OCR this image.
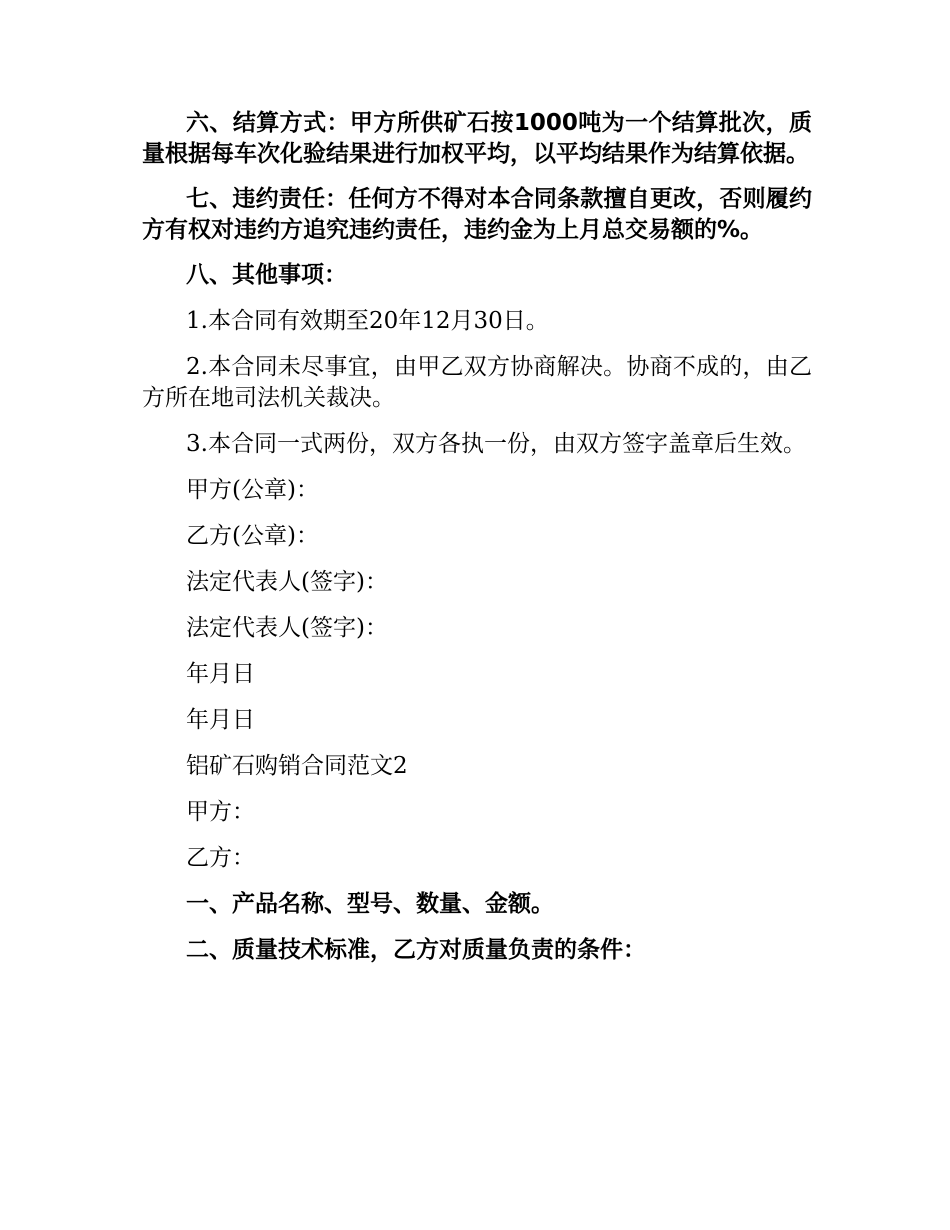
六、结算方式：甲方所供矿石按1000吨为一个结算批次，质量根据每车次化验结果进行加权平均，以平均结果作为结算依据。

七、违约责任：任何方不得对本合同条款擅自更改，否则履约方有权对违约方追究违约责任，违约金为上月总交易额的%。

八、其他事项：

1.本合同有效期至20年12月30日。

2.本合同未尽事宜，由甲乙双方协商解决。协商不成的，由乙方所在地司法机关裁决。

3.本合同一式两份，双方各执一份，由双方签字盖章后生效。

甲方(公章)：

乙方(公章)：

法定代表人(签字)：

法定代表人(签字)：

年月日

年月日

铝矿石购销合同范文2

甲方：

乙方：

一、产品名称、型号、数量、金额。

二、质量技术标准，乙方对质量负责的条件：
